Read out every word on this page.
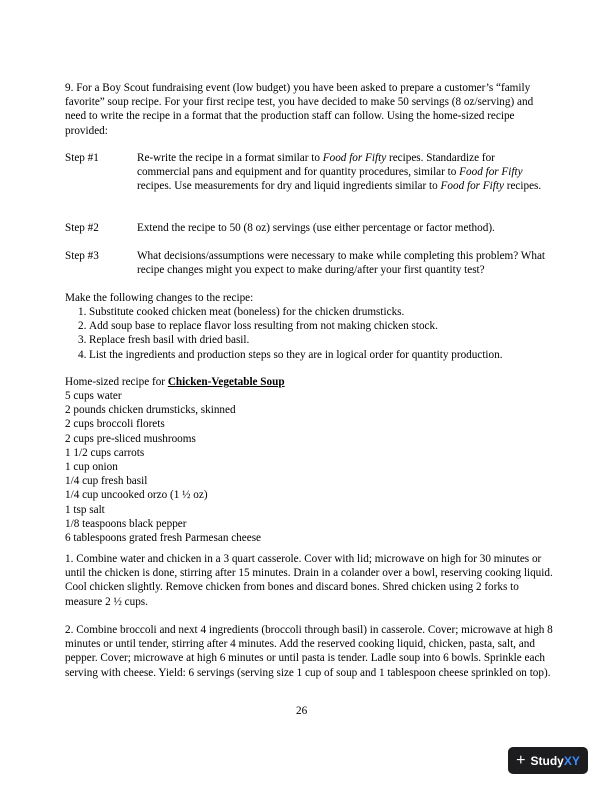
9. For a Boy Scout fundraising event (low budget) you have been asked to prepare a customer’s “family favorite” soup recipe. For your first recipe test, you have decided to make 50 servings (8 oz/serving) and need to write the recipe in a format that the production staff can follow. Using the home-sized recipe provided:

Step #1	Re-write the recipe in a format similar to Food for Fifty recipes. Standardize for commercial pans and equipment and for quantity procedures, similar to Food for Fifty recipes. Use measurements for dry and liquid ingredients similar to Food for Fifty recipes.
Step #2	Extend the recipe to 50 (8 oz) servings (use either percentage or factor method).
Step #3	What decisions/assumptions were necessary to make while completing this problem? What recipe changes might you expect to make during/after your first quantity test?

Make the following changes to the recipe:

1. Substitute cooked chicken meat (boneless) for the chicken drumsticks.
2. Add soup base to replace flavor loss resulting from not making chicken stock.
3. Replace fresh basil with dried basil.
4. List the ingredients and production steps so they are in logical order for quantity production.

Home-sized recipe for Chicken-Vegetable Soup

5 cups water
2 pounds chicken drumsticks, skinned
2 cups broccoli florets
2 cups pre-sliced mushrooms
1 1/2 cups carrots
1 cup onion
1/4 cup fresh basil
1/4 cup uncooked orzo (1 ½ oz)
1 tsp salt
1/8 teaspoons black pepper
6 tablespoons grated fresh Parmesan cheese

1. Combine water and chicken in a 3 quart casserole. Cover with lid; microwave on high for 30 minutes or until the chicken is done, stirring after 15 minutes. Drain in a colander over a bowl, reserving cooking liquid. Cool chicken slightly. Remove chicken from bones and discard bones. Shred chicken using 2 forks to measure 2 ½ cups.

2. Combine broccoli and next 4 ingredients (broccoli through basil) in casserole. Cover; microwave at high 8 minutes or until tender, stirring after 4 minutes. Add the reserved cooking liquid, chicken, pasta, salt, and pepper. Cover; microwave at high 6 minutes or until pasta is tender. Ladle soup into 6 bowls. Sprinkle each serving with cheese. Yield: 6 servings (serving size 1 cup of soup and 1 tablespoon cheese sprinkled on top).

26
+ Study XY
